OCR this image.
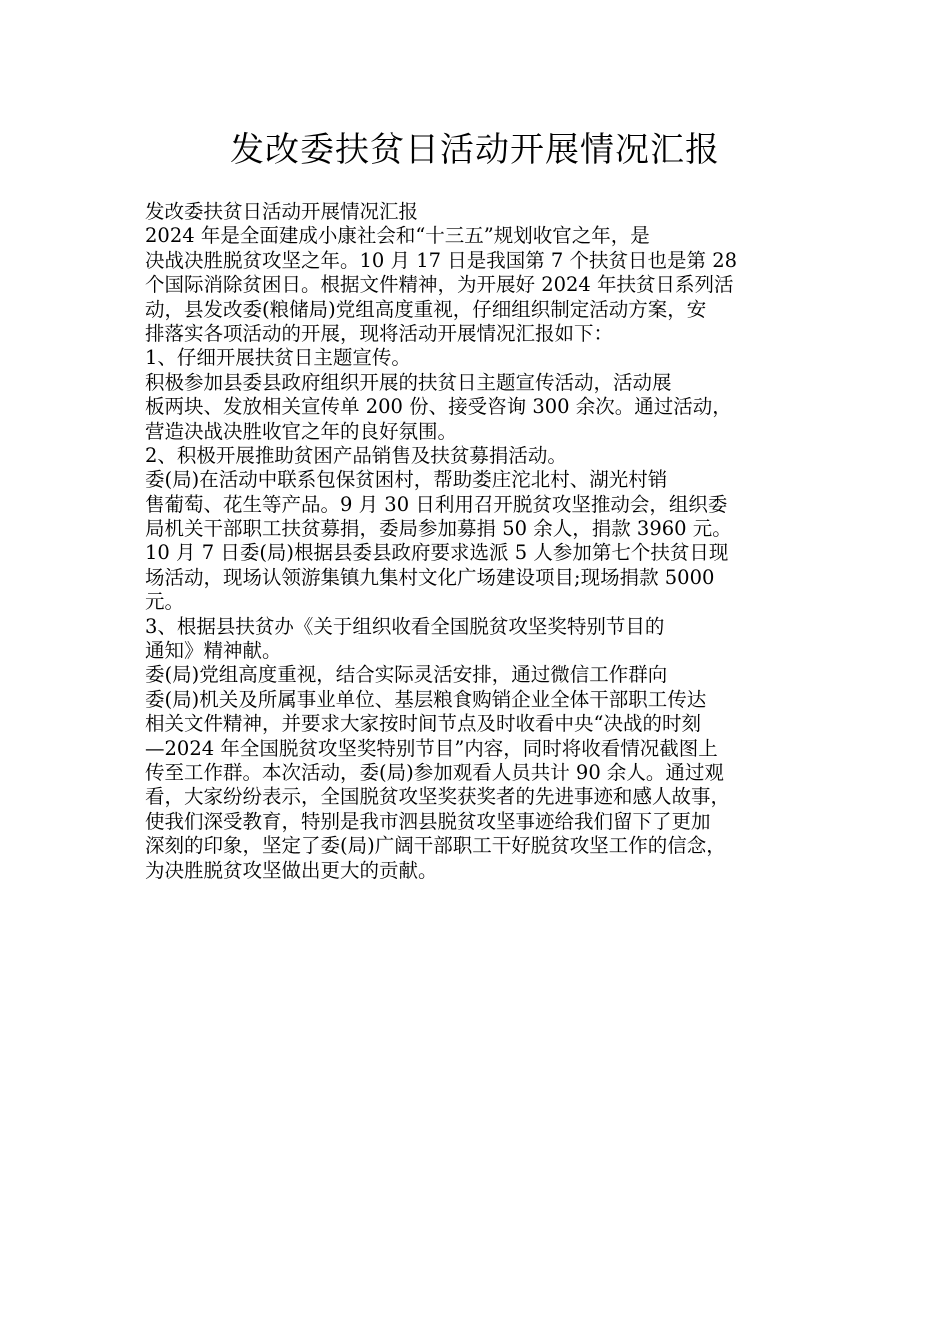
发改委扶贫日活动开展情况汇报
发改委扶贫日活动开展情况汇报
2024 年是全面建成小康社会和“十三五”规划收官之年，是
决战决胜脱贫攻坚之年。10 月 17 日是我国第 7 个扶贫日也是第 28
个国际消除贫困日。根据文件精神，为开展好 2024 年扶贫日系列活
动，县发改委(粮储局)党组高度重视，仔细组织制定活动方案，安
排落实各项活动的开展，现将活动开展情况汇报如下：
1、仔细开展扶贫日主题宣传。
积极参加县委县政府组织开展的扶贫日主题宣传活动，活动展
板两块、发放相关宣传单 200 份、接受咨询 300 余次。通过活动，
营造决战决胜收官之年的良好氛围。
2、积极开展推助贫困产品销售及扶贫募捐活动。
委(局)在活动中联系包保贫困村，帮助娄庄沱北村、湖光村销
售葡萄、花生等产品。9 月 30 日利用召开脱贫攻坚推动会，组织委
局机关干部职工扶贫募捐，委局参加募捐 50 余人，捐款 3960 元。
10 月 7 日委(局)根据县委县政府要求选派 5 人参加第七个扶贫日现
场活动，现场认领游集镇九集村文化广场建设项目;现场捐款 5000
元。
3、根据县扶贫办《关于组织收看全国脱贫攻坚奖特别节目的
通知》精神献。
委(局)党组高度重视，结合实际灵活安排，通过微信工作群向
委(局)机关及所属事业单位、基层粮食购销企业全体干部职工传达
相关文件精神，并要求大家按时间节点及时收看中央“决战的时刻
—2024 年全国脱贫攻坚奖特别节目”内容，同时将收看情况截图上
传至工作群。本次活动，委(局)参加观看人员共计 90 余人。通过观
看，大家纷纷表示，全国脱贫攻坚奖获奖者的先进事迹和感人故事，
使我们深受教育，特别是我市泗县脱贫攻坚事迹给我们留下了更加
深刻的印象，坚定了委(局)广阔干部职工干好脱贫攻坚工作的信念，
为决胜脱贫攻坚做出更大的贡献。
